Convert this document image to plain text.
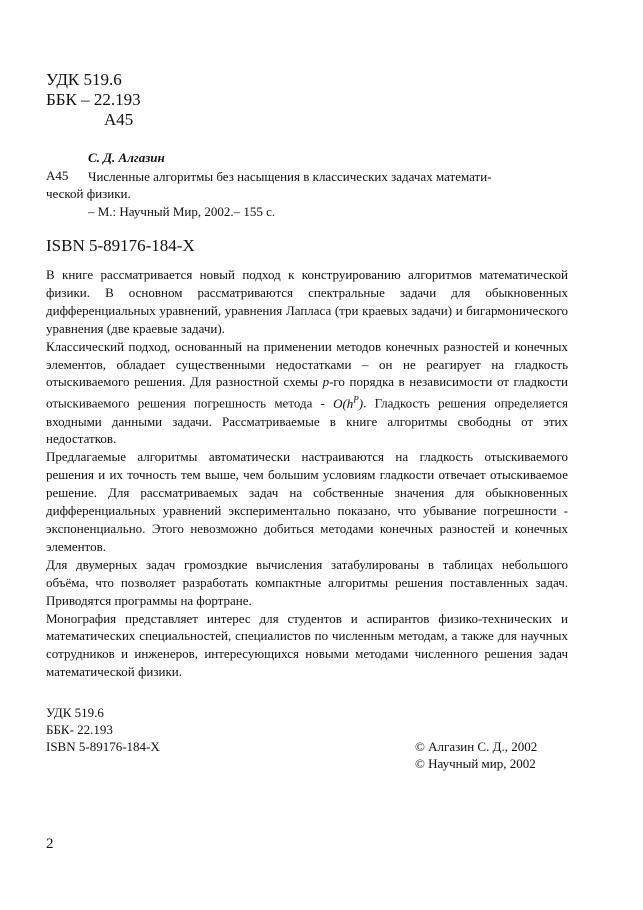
УДК 519.6
ББК – 22.193
А45
С. Д. Алгазин
А45 Численные алгоритмы без насыщения в классических задачах математи-
ческой физики.
– М.: Научный Мир, 2002.– 155 с.
ISBN 5-89176-184-X

В книге рассматривается новый подход к конструированию алгоритмов математической физики. В основном рассматриваются спектральные задачи для обыкновенных дифференциальных уравнений, уравнения Лапласа (три краевых задачи) и бигармонического уравнения (две краевые задачи).

Классический подход, основанный на применении методов конечных разностей и конечных элементов, обладает существенными недостатками – он не реагирует на гладкость отыскиваемого решения. Для разностной схемы p-го порядка в независимости от гладкости отыскиваемого решения погрешность метода - $O(h^P)$. Гладкость решения определяется входными данными задачи. Рассматриваемые в книге алгоритмы свободны от этих недостатков.

Предлагаемые алгоритмы автоматически настраиваются на гладкость отыскиваемого решения и их точность тем выше, чем большим условиям гладкости отвечает отыскиваемое решение. Для рассматриваемых задач на собственные значения для обыкновенных дифференциальных уравнений экспериментально показано, что убывание погрешности - экспоненциально. Этого невозможно добиться методами конечных разностей и конечных элементов.

Для двумерных задач громоздкие вычисления затабулированы в таблицах небольшого объёма, что позволяет разработать компактные алгоритмы решения поставленных задач. Приводятся программы на фортране.

Монография представляет интерес для студентов и аспирантов физико-технических и математических специальностей, специалистов по численным методам, а также для научных сотрудников и инженеров, интересующихся новыми методами численного решения задач математической физики.

УДК 519.6
ББК- 22.193
ISBN 5-89176-184-X	© Алгазин С. Д., 2002
© Научный мир, 2002
2
